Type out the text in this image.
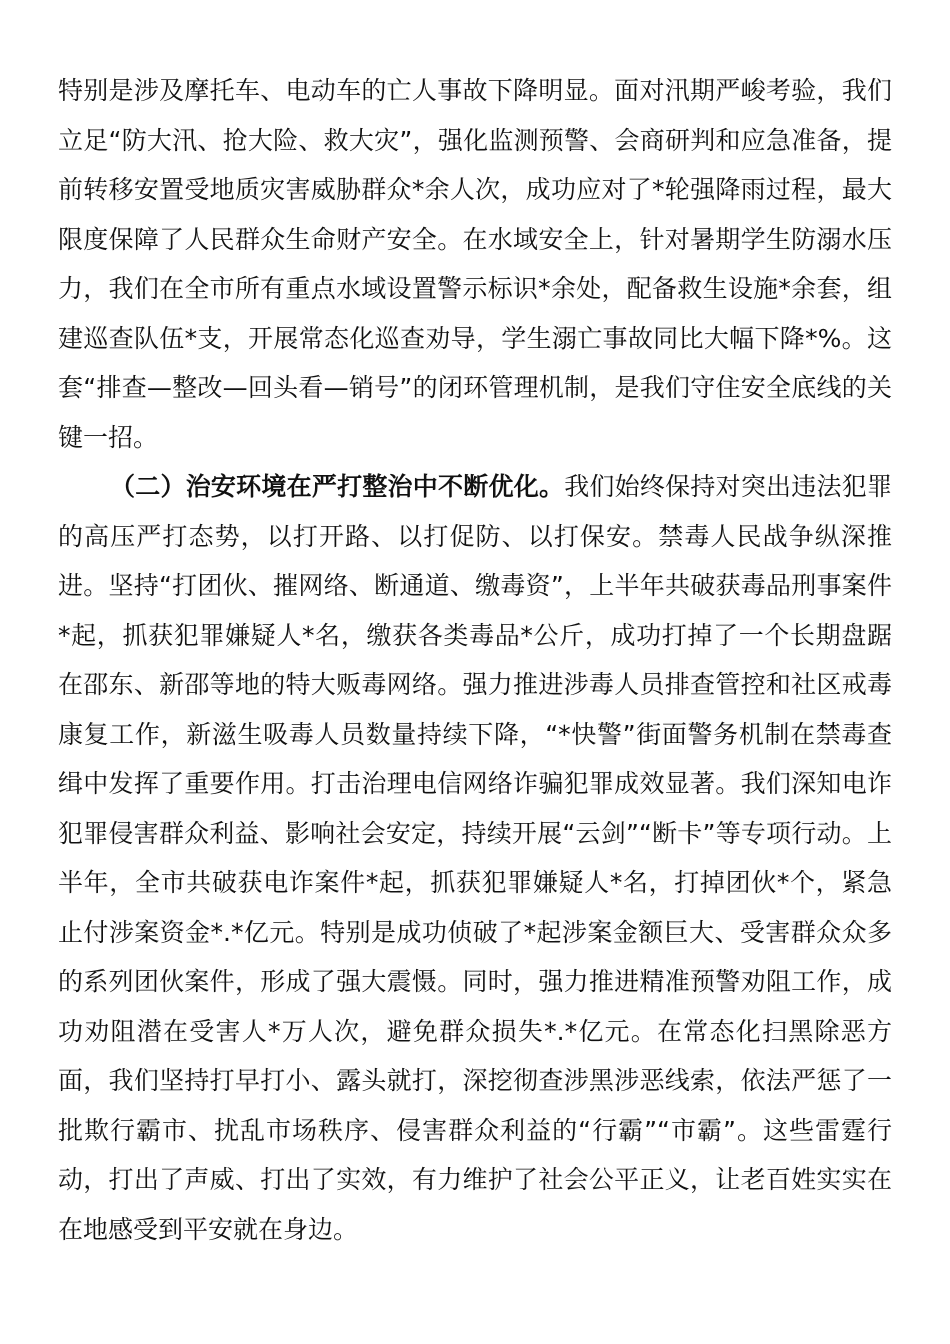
特别是涉及摩托车、电动车的亡人事故下降明显。面对汛期严峻考验，我们立足“防大汛、抢大险、救大灾”，强化监测预警、会商研判和应急准备，提前转移安置受地质灾害威胁群众*余人次，成功应对了*轮强降雨过程，最大限度保障了人民群众生命财产安全。在水域安全上，针对暑期学生防溺水压力，我们在全市所有重点水域设置警示标识*余处，配备救生设施*余套，组建巡查队伍*支，开展常态化巡查劝导，学生溺亡事故同比大幅下降*%。这套“排查—整改—回头看—销号”的闭环管理机制，是我们守住安全底线的关键一招。

（二）治安环境在严打整治中不断优化。我们始终保持对突出违法犯罪的高压严打态势，以打开路、以打促防、以打保安。禁毒人民战争纵深推进。坚持“打团伙、摧网络、断通道、缴毒资”，上半年共破获毒品刑事案件*起，抓获犯罪嫌疑人*名，缴获各类毒品*公斤，成功打掉了一个长期盘踞在邵东、新邵等地的特大贩毒网络。强力推进涉毒人员排查管控和社区戒毒康复工作，新滋生吸毒人员数量持续下降，“*快警”街面警务机制在禁毒查缉中发挥了重要作用。打击治理电信网络诈骗犯罪成效显著。我们深知电诈犯罪侵害群众利益、影响社会安定，持续开展“云剑”“断卡”等专项行动。上半年，全市共破获电诈案件*起，抓获犯罪嫌疑人*名，打掉团伙*个，紧急止付涉案资金*.*亿元。特别是成功侦破了*起涉案金额巨大、受害群众众多的系列团伙案件，形成了强大震慑。同时，强力推进精准预警劝阻工作，成功劝阻潜在受害人*万人次，避免群众损失*.*亿元。在常态化扫黑除恶方面，我们坚持打早打小、露头就打，深挖彻查涉黑涉恶线索，依法严惩了一批欺行霸市、扰乱市场秩序、侵害群众利益的“行霸”“市霸”。这些雷霆行动，打出了声威、打出了实效，有力维护了社会公平正义，让老百姓实实在在地感受到平安就在身边。
